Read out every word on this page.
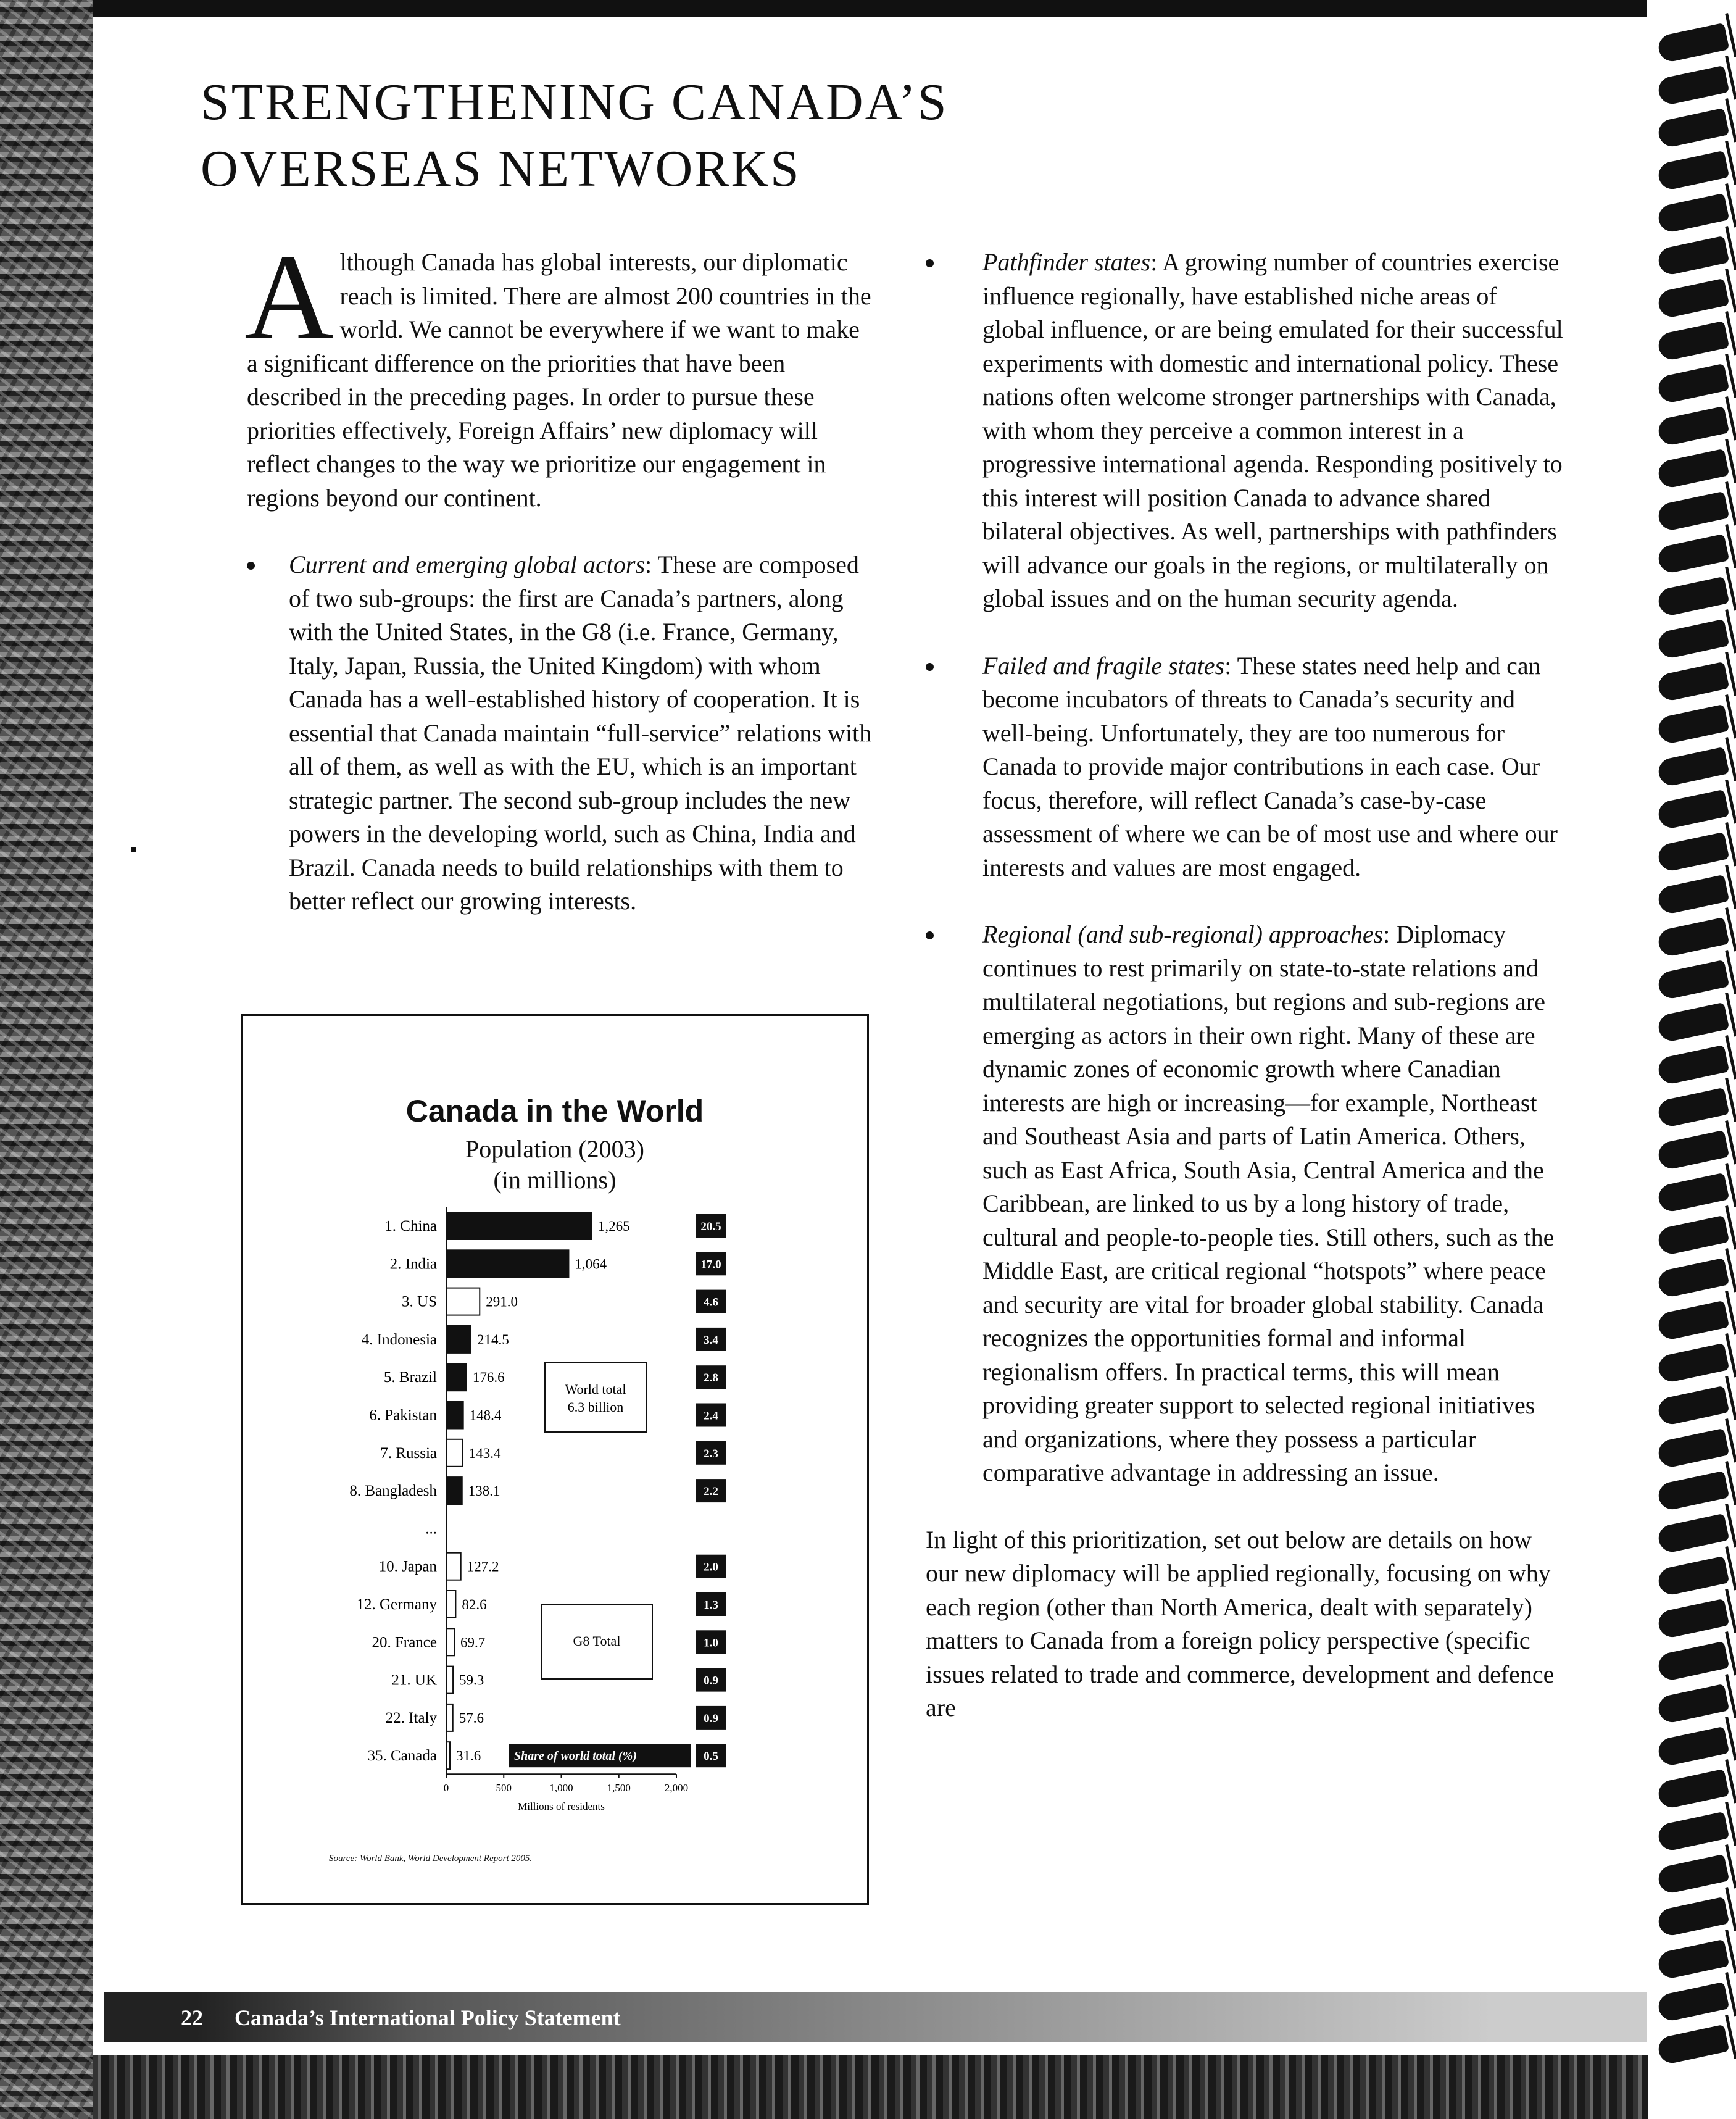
STRENGTHENING CANADA’S
OVERSEAS NETWORKS

Although Canada has global interests, our diplomatic reach is limited. There are almost 200 countries in the world. We cannot be everywhere if we want to make a significant difference on the priorities that have been described in the preceding pages. In order to pursue these priorities effectively, Foreign Affairs’ new diplomacy will reflect changes to the way we prioritize our engagement in regions beyond our continent.

Current and emerging global actors: These are composed of two sub-groups: the first are Canada’s partners, along with the United States, in the G8 (i.e. France, Germany, Italy, Japan, Russia, the United Kingdom) with whom Canada has a well-established history of cooperation. It is essential that Canada maintain “full-service” relations with all of them, as well as with the EU, which is an important strategic partner. The second sub-group includes the new powers in the developing world, such as China, India and Brazil. Canada needs to build relationships with them to better reflect our growing interests.
Pathfinder states: A growing number of countries exercise influence regionally, have established niche areas of global influence, or are being emulated for their successful experiments with domestic and international policy. These nations often welcome stronger partnerships with Canada, with whom they perceive a common interest in a progressive international agenda. Responding positively to this interest will position Canada to advance shared bilateral objectives. As well, partnerships with pathfinders will advance our goals in the regions, or multilaterally on global issues and on the human security agenda.
Failed and fragile states: These states need help and can become incubators of threats to Canada’s security and well-being. Unfortunately, they are too numerous for Canada to provide major contributions in each case. Our focus, therefore, will reflect Canada’s case-by-case assessment of where we can be of most use and where our interests and values are most engaged.
Regional (and sub-regional) approaches: Diplomacy continues to rest primarily on state-to-state relations and multilateral negotiations, but regions and sub-regions are emerging as actors in their own right. Many of these are dynamic zones of economic growth where Canadian interests are high or increasing—for example, Northeast and Southeast Asia and parts of Latin America. Others, such as East Africa, South Asia, Central America and the Caribbean, are linked to us by a long history of trade, cultural and people-to-people ties. Still others, such as the Middle East, are critical regional “hotspots” where peace and security are vital for broader global stability. Canada recognizes the opportunities formal and informal regionalism offers. In practical terms, this will mean providing greater support to selected regional initiatives and organizations, where they possess a particular comparative advantage in addressing an issue.

In light of this prioritization, set out below are details on how our new diplomacy will be applied regionally, focusing on why each region (other than North America, dealt with separately) matters to Canada from a foreign policy perspective (specific issues related to trade and commerce, development and defence are

Canada in the World
Population (2003)
(in millions)
1. China	1,265	20.5
2. India	1,064	17.0
3. US	291.0	4.6
4. Indonesia	214.5	3.4
5. Brazil	176.6	2.8
6. Pakistan 148.4	2.4
7. Russia 143.4	2.3
8. Bangladesh 138.1	2.2
...
10. Japan 127.2	2.0
12. Germany 82.6	1.3
20. France 69.7	1.0
21. UK 59.3	0.9
22. Italy 57.6	0.9
35. Canada 31.6	0.5
0	500	1,000	1,500	2,000
Millions of residents
World total
6.3 billion
G8 Total
Share of world total (%)
Source: World Bank, World Development Report 2005.
22 Canada’s International Policy Statement
